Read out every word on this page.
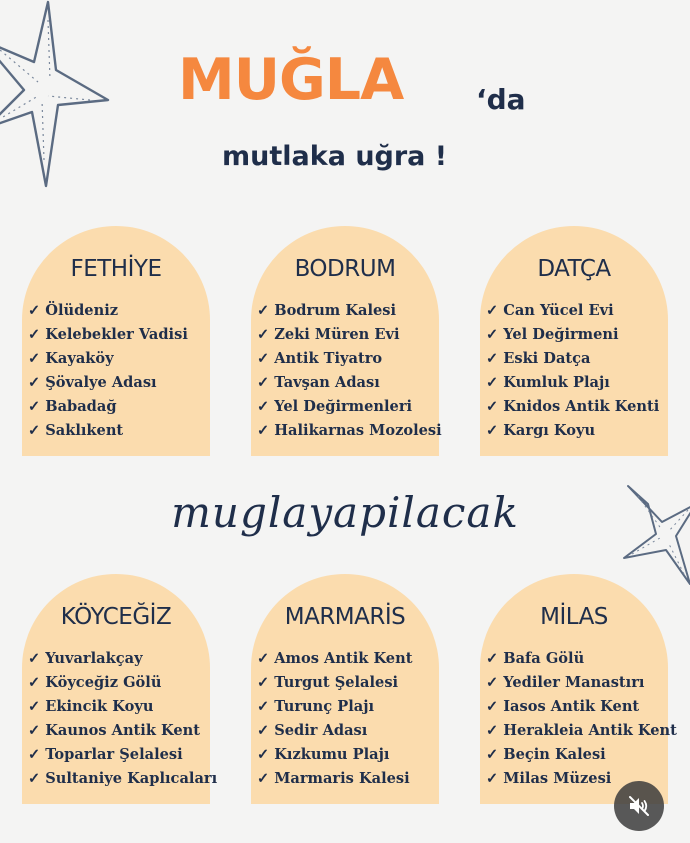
MUĞLA	‘da
mutlaka uğra !
FETHİYE
✓ Ölüdeniz
✓ Kelebekler Vadisi
✓ Kayaköy
✓ Şövalye Adası
✓ Babadağ
✓ Saklıkent
BODRUM
✓ Bodrum Kalesi
✓ Zeki Müren Evi
✓ Antik Tiyatro
✓ Tavşan Adası
✓ Yel Değirmenleri
✓ Halikarnas Mozolesi
DATÇA
✓ Can Yücel Evi
✓ Yel Değirmeni
✓ Eski Datça
✓ Kumluk Plajı
✓ Knidos Antik Kenti
✓ Kargı Koyu
muglayapilacak
KÖYCEĞİZ
✓ Yuvarlakçay
✓ Köyceğiz Gölü
✓ Ekincik Koyu
✓ Kaunos Antik Kent
✓ Toparlar Şelalesi
✓ Sultaniye Kaplıcaları
MARMARİS
✓ Amos Antik Kent
✓ Turgut Şelalesi
✓ Turunç Plajı
✓ Sedir Adası
✓ Kızkumu Plajı
✓ Marmaris Kalesi
MİLAS
✓ Bafa Gölü
✓ Yediler Manastırı
✓ Iasos Antik Kent
✓ Herakleia Antik Kent
✓ Beçin Kalesi
✓ Milas Müzesi
